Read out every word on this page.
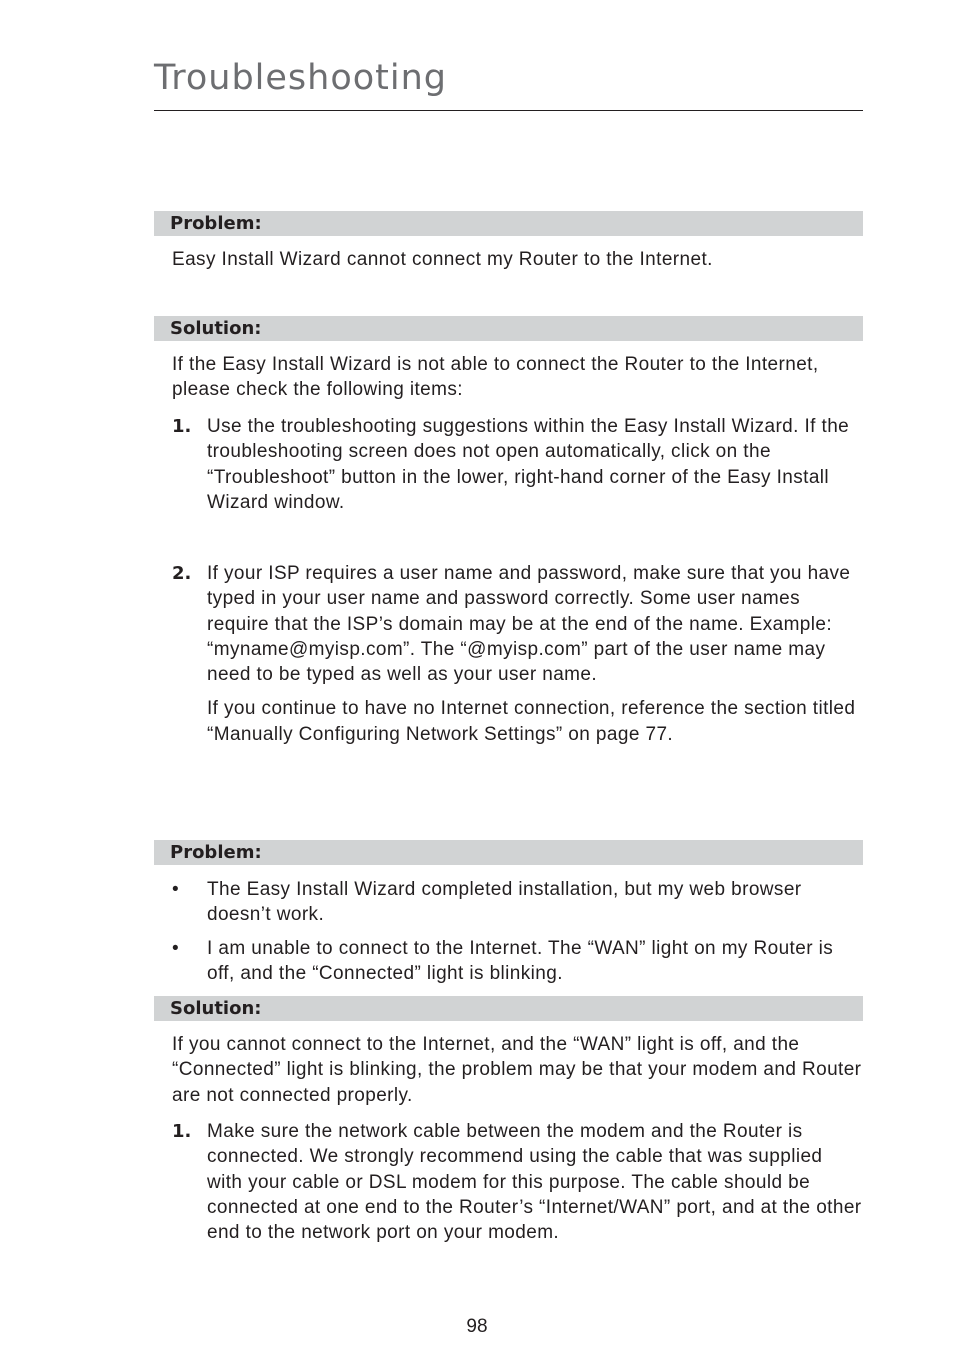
Troubleshooting
Problem:

Easy Install Wizard cannot connect my Router to the Internet.

Solution:

If the Easy Install Wizard is not able to connect the Router to the Internet, please check the following items:

1. Use the troubleshooting suggestions within the Easy Install Wizard. If the troubleshooting screen does not open automatically, click on the “Troubleshoot” button in the lower, right-hand corner of the Easy Install Wizard window.

2. If your ISP requires a user name and password, make sure that you have typed in your user name and password correctly. Some user names require that the ISP’s domain may be at the end of the name. Example: “myname@myisp.com”. The “@myisp.com” part of the user name may need to be typed as well as your user name.

If you continue to have no Internet connection, reference the section titled “Manually Configuring Network Settings” on page 77.

Problem:
• The Easy Install Wizard completed installation, but my web browser doesn’t work.

• I am unable to connect to the Internet. The “WAN” light on my Router is off, and the “Connected” light is blinking.

Solution:

If you cannot connect to the Internet, and the “WAN” light is off, and the “Connected” light is blinking, the problem may be that your modem and Router are not connected properly.

1. Make sure the network cable between the modem and the Router is connected. We strongly recommend using the cable that was supplied with your cable or DSL modem for this purpose. The cable should be connected at one end to the Router’s “Internet/WAN” port, and at the other end to the network port on your modem.

98
